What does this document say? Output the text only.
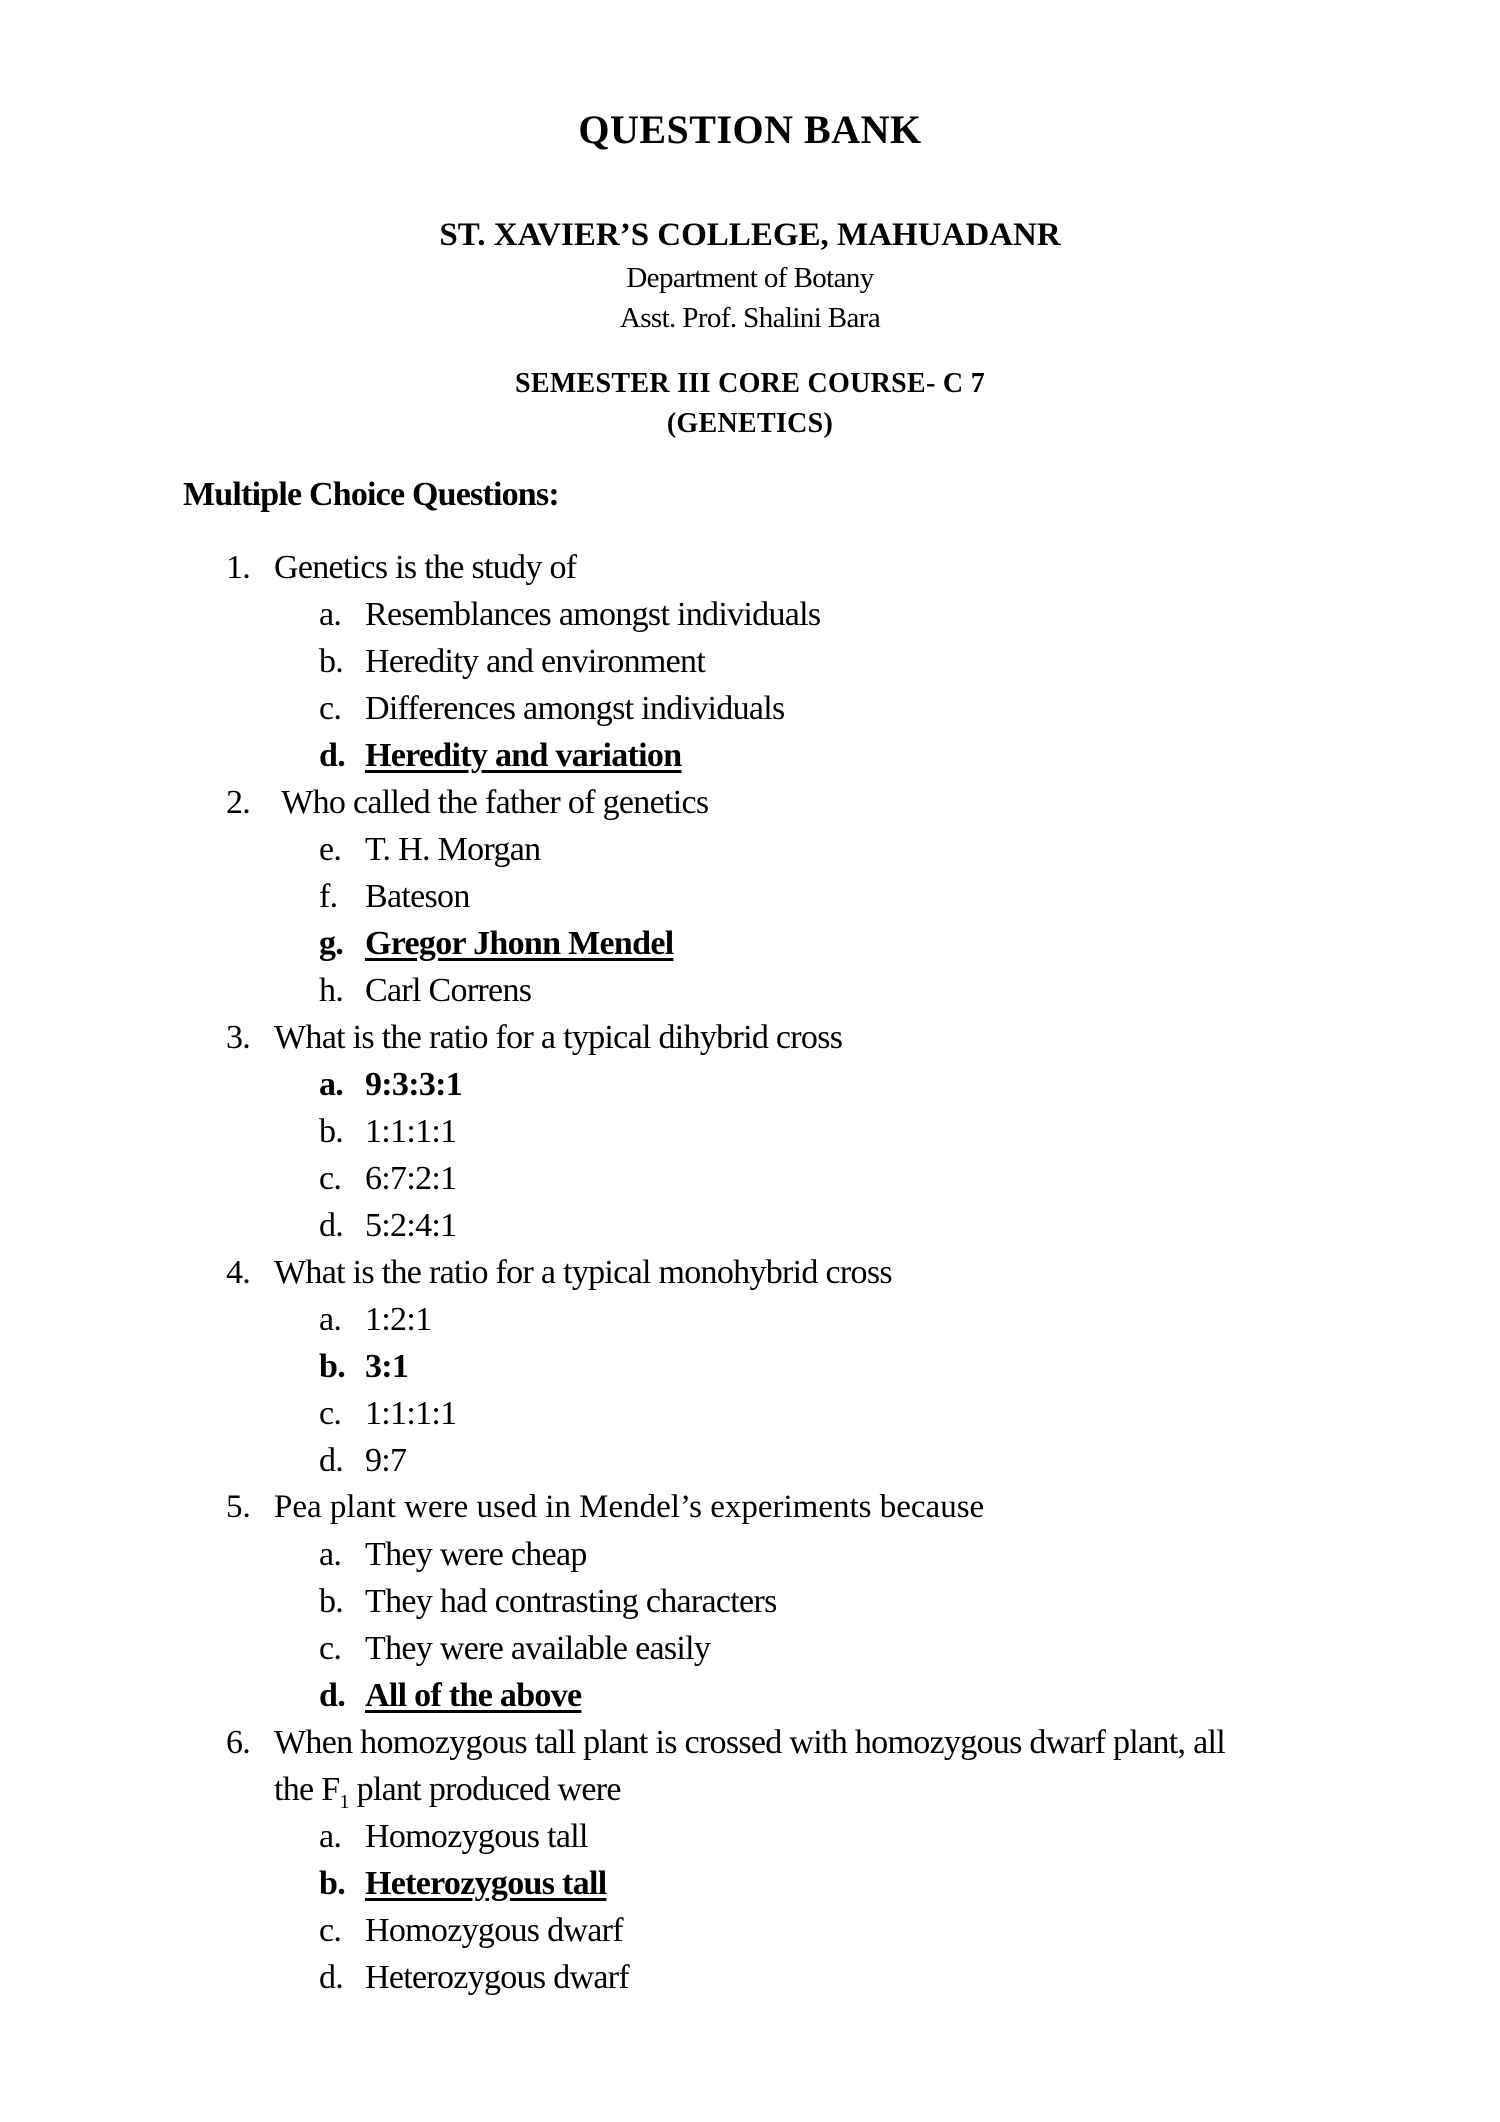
QUESTION BANK
ST. XAVIER’S COLLEGE, MAHUADANR
Department of Botany
Asst. Prof. Shalini Bara
SEMESTER III CORE COURSE- C 7
(GENETICS)
Multiple Choice Questions:
1. Genetics is the study of
a. Resemblances amongst individuals
b. Heredity and environment
c. Differences amongst individuals
d. Heredity and variation
2. Who called the father of genetics
e. T. H. Morgan
f. Bateson
g. Gregor Jhonn Mendel
h. Carl Correns
3. What is the ratio for a typical dihybrid cross
a. 9:3:3:1
b. 1:1:1:1
c. 6:7:2:1
d. 5:2:4:1
4. What is the ratio for a typical monohybrid cross
a. 1:2:1
b. 3:1
c. 1:1:1:1
d. 9:7
5. Pea plant were used in Mendel’s experiments because
a. They were cheap
b. They had contrasting characters
c. They were available easily
d. All of the above
6. When homozygous tall plant is crossed with homozygous dwarf plant, all
the $F_1$ plant produced were
a. Homozygous tall
b. Heterozygous tall
c. Homozygous dwarf
d. Heterozygous dwarf
